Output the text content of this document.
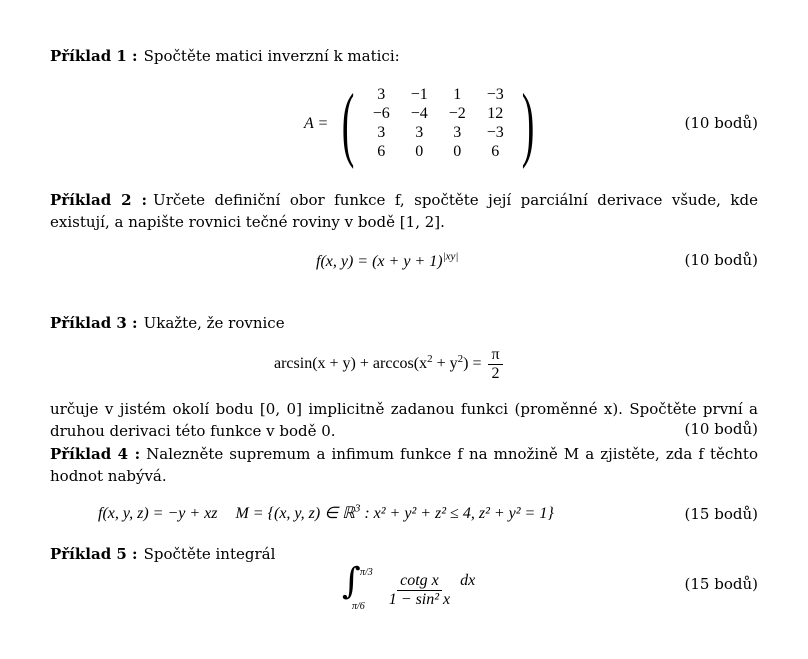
Příklad 1 : Spočtěte matici inverzní k matici:
A = (	3	−1	1	−3
−6	−4	−2	12
3	3	3	−3
6	0	0	6 )	(10 bodů)
Příklad 2 : Určete definiční obor funkce f, spočtěte její parciální derivace všude, kde existují, a napište rovnici tečné roviny v bodě [1, 2].
f(x, $y) = (x + y + 1)^{|xy|}$	(10 bodů)
Příklad 3 : Ukažte, že rovnice
$\arcsin(x + y) + \arccos(x^2 + y^2) = \frac{\pi}{2}$
určuje v jistém okolí bodu [0, 0] implicitně zadanou funkci (proměnné x). Spočtěte první a druhou derivaci této funkce v bodě 0.	(10 bodů)
Příklad 4 : Nalezněte supremum a infimum funkce f na množině M a zjistěte, zda f těchto hodnot nabývá.
f(x, y, z) = −y + xz M = {(x, y, z) ∈ ℝ$^3$ : x² + y² + z² ≤ 4, z² + y² = 1}	(15 bodů)
Příklad 5 : Spočtěte integrál
∫ π/3
π/6
$\frac{\text{cotg x}}{\text{1 − sin² x}}$ dx	(15 bodů)
